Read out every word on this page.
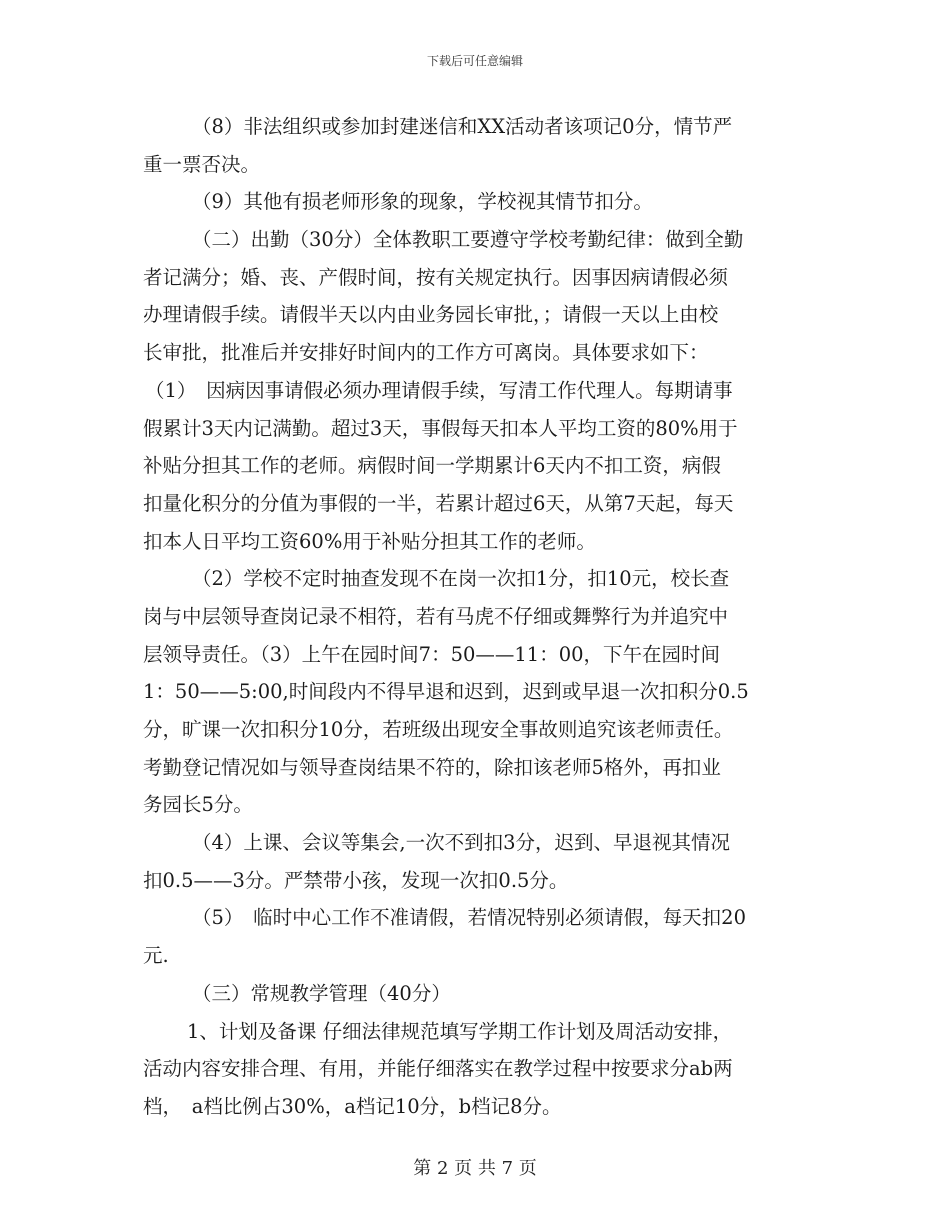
下载后可任意编辑
（8）非法组织或参加封建迷信和XX活动者该项记0分，情节严
重一票否决。
（9）其他有损老师形象的现象，学校视其情节扣分。
（二）出勤（30分）全体教职工要遵守学校考勤纪律：做到全勤
者记满分；婚、丧、产假时间，按有关规定执行。因事因病请假必须
办理请假手续。请假半天以内由业务园长审批，；请假一天以上由校
长审批，批准后并安排好时间内的工作方可离岗。具体要求如下：
（1）　因病因事请假必须办理请假手续，写清工作代理人。每期请事
假累计3天内记满勤。超过3天，事假每天扣本人平均工资的80%用于
补贴分担其工作的老师。病假时间一学期累计6天内不扣工资，病假
扣量化积分的分值为事假的一半，若累计超过6天，从第7天起，每天
扣本人日平均工资60%用于补贴分担其工作的老师。
（2）学校不定时抽查发现不在岗一次扣1分，扣10元，校长查
岗与中层领导查岗记录不相符，若有马虎不仔细或舞弊行为并追究中
层领导责任。（3）上午在园时间7：50——11：00，下午在园时间
1：50——5:00,时间段内不得早退和迟到，迟到或早退一次扣积分0.5
分，旷课一次扣积分10分，若班级出现安全事故则追究该老师责任。
考勤登记情况如与领导查岗结果不符的，除扣该老师5格外，再扣业
务园长5分。
（4）上课、会议等集会,一次不到扣3分，迟到、早退视其情况
扣0.5——3分。严禁带小孩，发现一次扣0.5分。
（5）　临时中心工作不准请假，若情况特别必须请假，每天扣20
元.
（三）常规教学管理（40分）
1、计划及备课 仔细法律规范填写学期工作计划及周活动安排，
活动内容安排合理、有用，并能仔细落实在教学过程中按要求分ab两
档，　a档比例占30%，a档记10分，b档记8分。
第 2 页 共 7 页
